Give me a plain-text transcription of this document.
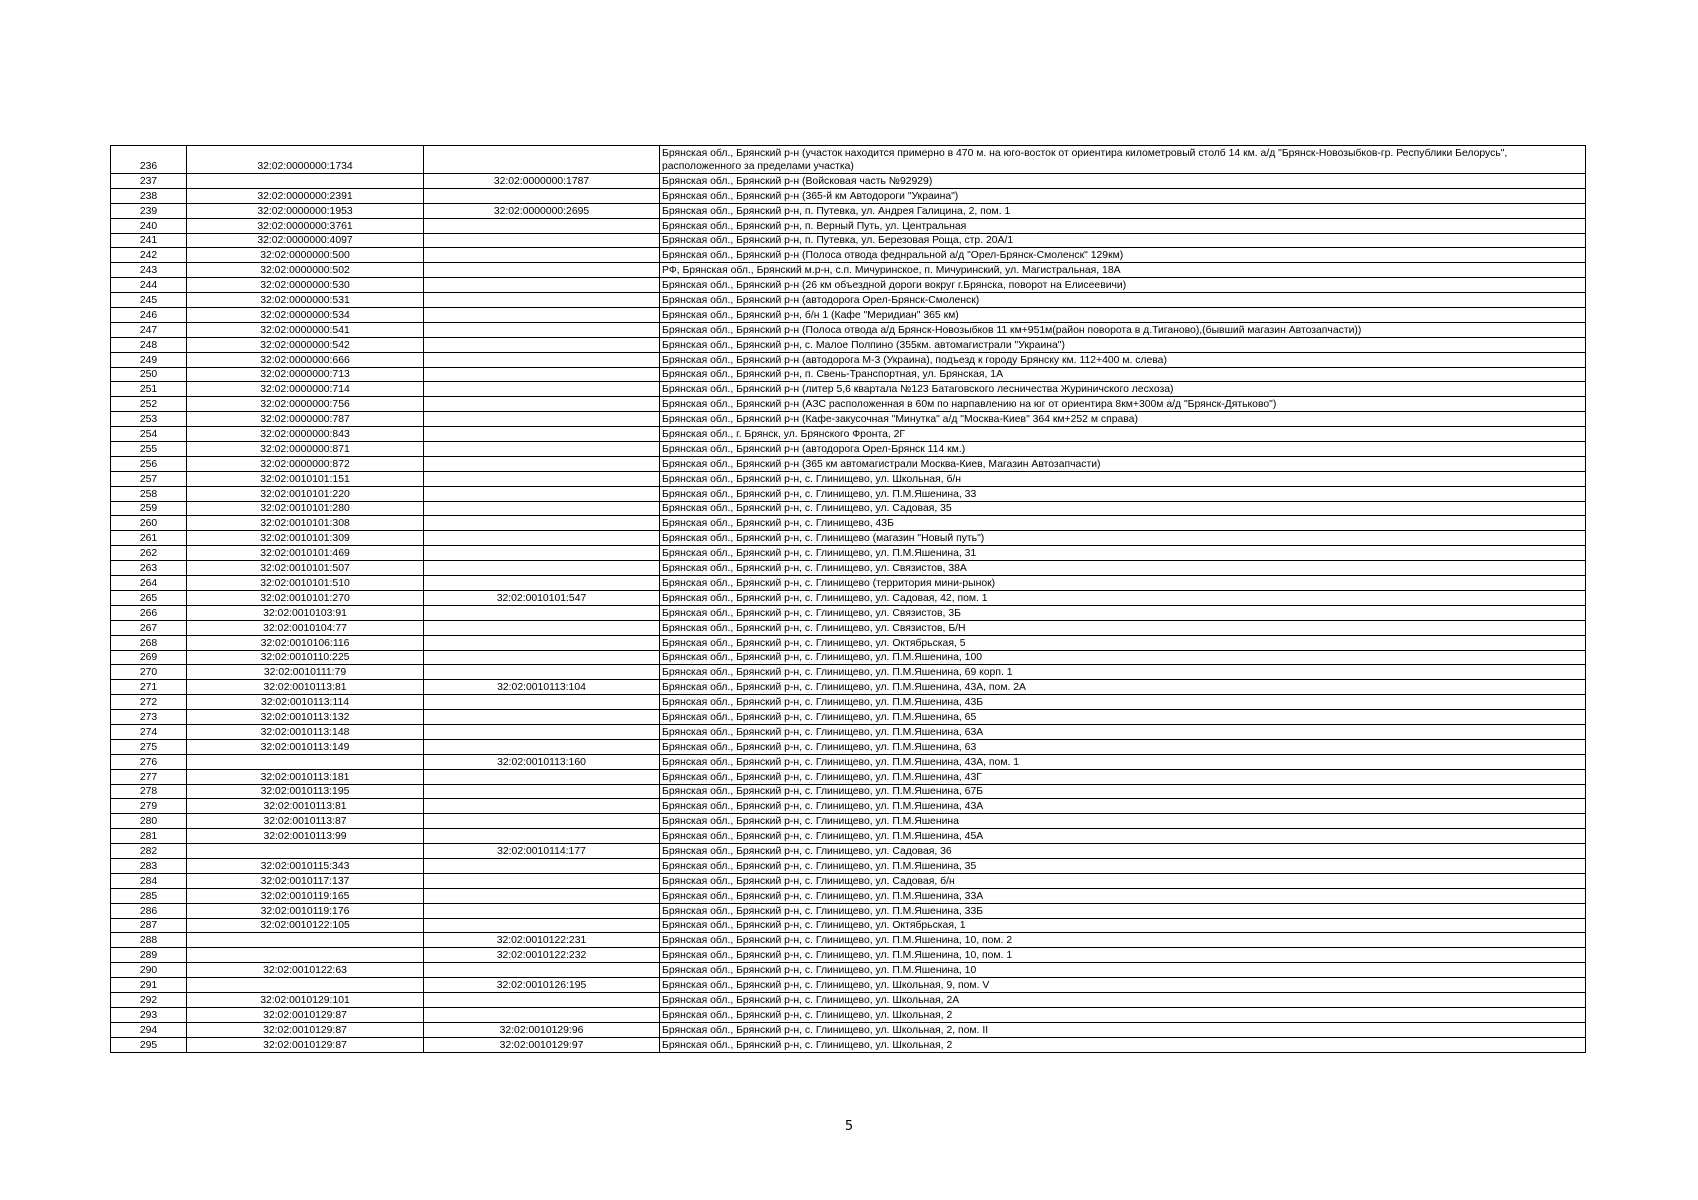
236	32:02:0000000:1734		Брянская обл., Брянский р-н (участок находится примерно в 470 м. на юго-восток от ориентира километровый столб 14 км. а/д "Брянск-Новозыбков-гр. Республики Белорусь", расположенного за пределами участка)
237		32:02:0000000:1787	Брянская обл., Брянский р-н (Войсковая часть №92929)
238	32:02:0000000:2391		Брянская обл., Брянский р-н (365-й км Автодороги "Украина")
239	32:02:0000000:1953	32:02:0000000:2695	Брянская обл., Брянский р-н, п. Путевка, ул. Андрея Галицина, 2, пом. 1
240	32:02:0000000:3761		Брянская обл., Брянский р-н, п. Верный Путь, ул. Центральная
241	32:02:0000000:4097		Брянская обл., Брянский р-н, п. Путевка, ул. Березовая Роща, стр. 20А/1
242	32:02:0000000:500		Брянская обл., Брянский р-н (Полоса отвода феднральной а/д "Орел-Брянск-Смоленск" 129км)
243	32:02:0000000:502		РФ, Брянская обл., Брянский м.р-н, с.п. Мичуринское, п. Мичуринский, ул. Магистральная, 18А
244	32:02:0000000:530		Брянская обл., Брянский р-н (26 км объездной дороги вокруг г.Брянска, поворот на Елисеевичи)
245	32:02:0000000:531		Брянская обл., Брянский р-н (автодорога Орел-Брянск-Смоленск)
246	32:02:0000000:534		Брянская обл., Брянский р-н, б/н 1 (Кафе "Меридиан" 365 км)
247	32:02:0000000:541		Брянская обл., Брянский р-н (Полоса отвода а/д Брянск-Новозыбков 11 км+951м(район поворота в д.Тиганово),(бывший магазин Автозапчасти))
248	32:02:0000000:542		Брянская обл., Брянский р-н, с. Малое Полпино (355км. автомагистрали "Украина")
249	32:02:0000000:666		Брянская обл., Брянский р-н (автодорога М-3 (Украина), подъезд к городу Брянску км. 112+400 м. слева)
250	32:02:0000000:713		Брянская обл., Брянский р-н, п. Свень-Транспортная, ул. Брянская, 1А
251	32:02:0000000:714		Брянская обл., Брянский р-н (литер 5,6 квартала №123 Батаговского лесничества Журиничского лесхоза)
252	32:02:0000000:756		Брянская обл., Брянский р-н (АЗС расположенная в 60м по нарпавлению на юг от ориентира 8км+300м а/д "Брянск-Дятьково")
253	32:02:0000000:787		Брянская обл., Брянский р-н (Кафе-закусочная "Минутка" а/д "Москва-Киев" 364 км+252 м справа)
254	32:02:0000000:843		Брянская обл., г. Брянск, ул. Брянского Фронта, 2Г
255	32:02:0000000:871		Брянская обл., Брянский р-н (автодорога Орел-Брянск 114 км.)
256	32:02:0000000:872		Брянская обл., Брянский р-н (365 км автомагистрали Москва-Киев, Магазин Автозапчасти)
257	32:02:0010101:151		Брянская обл., Брянский р-н, с. Глинищево, ул. Школьная, б/н
258	32:02:0010101:220		Брянская обл., Брянский р-н, с. Глинищево, ул. П.М.Яшенина, 33
259	32:02:0010101:280		Брянская обл., Брянский р-н, с. Глинищево, ул. Садовая, 35
260	32:02:0010101:308		Брянская обл., Брянский р-н, с. Глинищево, 43Б
261	32:02:0010101:309		Брянская обл., Брянский р-н, с. Глинищево (магазин "Новый путь")
262	32:02:0010101:469		Брянская обл., Брянский р-н, с. Глинищево, ул. П.М.Яшенина, 31
263	32:02:0010101:507		Брянская обл., Брянский р-н, с. Глинищево, ул. Связистов, 38А
264	32:02:0010101:510		Брянская обл., Брянский р-н, с. Глинищево (территория мини-рынок)
265	32:02:0010101:270	32:02:0010101:547	Брянская обл., Брянский р-н, с. Глинищево, ул. Садовая, 42, пом. 1
266	32:02:0010103:91		Брянская обл., Брянский р-н, с. Глинищево, ул. Связистов, 3Б
267	32:02:0010104:77		Брянская обл., Брянский р-н, с. Глинищево, ул. Связистов, Б/Н
268	32:02:0010106:116		Брянская обл., Брянский р-н, с. Глинищево, ул. Октябрьская, 5
269	32:02:0010110:225		Брянская обл., Брянский р-н, с. Глинищево, ул. П.М.Яшенина, 100
270	32:02:0010111:79		Брянская обл., Брянский р-н, с. Глинищево, ул. П.М.Яшенина, 69 корп. 1
271	32:02:0010113:81	32:02:0010113:104	Брянская обл., Брянский р-н, с. Глинищево, ул. П.М.Яшенина, 43А, пом. 2А
272	32:02:0010113:114		Брянская обл., Брянский р-н, с. Глинищево, ул. П.М.Яшенина, 43Б
273	32:02:0010113:132		Брянская обл., Брянский р-н, с. Глинищево, ул. П.М.Яшенина, 65
274	32:02:0010113:148		Брянская обл., Брянский р-н, с. Глинищево, ул. П.М.Яшенина, 63А
275	32:02:0010113:149		Брянская обл., Брянский р-н, с. Глинищево, ул. П.М.Яшенина, 63
276		32:02:0010113:160	Брянская обл., Брянский р-н, с. Глинищево, ул. П.М.Яшенина, 43А, пом. 1
277	32:02:0010113:181		Брянская обл., Брянский р-н, с. Глинищево, ул. П.М.Яшенина, 43Г
278	32:02:0010113:195		Брянская обл., Брянский р-н, с. Глинищево, ул. П.М.Яшенина, 67Б
279	32:02:0010113:81		Брянская обл., Брянский р-н, с. Глинищево, ул. П.М.Яшенина, 43А
280	32:02:0010113:87		Брянская обл., Брянский р-н, с. Глинищево, ул. П.М.Яшенина
281	32:02:0010113:99		Брянская обл., Брянский р-н, с. Глинищево, ул. П.М.Яшенина, 45А
282		32:02:0010114:177	Брянская обл., Брянский р-н, с. Глинищево, ул. Садовая, 36
283	32:02:0010115:343		Брянская обл., Брянский р-н, с. Глинищево, ул. П.М.Яшенина, 35
284	32:02:0010117:137		Брянская обл., Брянский р-н, с. Глинищево, ул. Садовая, б/н
285	32:02:0010119:165		Брянская обл., Брянский р-н, с. Глинищево, ул. П.М.Яшенина, 33А
286	32:02:0010119:176		Брянская обл., Брянский р-н, с. Глинищево, ул. П.М.Яшенина, 33Б
287	32:02:0010122:105		Брянская обл., Брянский р-н, с. Глинищево, ул. Октябрьская, 1
288		32:02:0010122:231	Брянская обл., Брянский р-н, с. Глинищево, ул. П.М.Яшенина, 10, пом. 2
289		32:02:0010122:232	Брянская обл., Брянский р-н, с. Глинищево, ул. П.М.Яшенина, 10, пом. 1
290	32:02:0010122:63		Брянская обл., Брянский р-н, с. Глинищево, ул. П.М.Яшенина, 10
291		32:02:0010126:195	Брянская обл., Брянский р-н, с. Глинищево, ул. Школьная, 9, пом. V
292	32:02:0010129:101		Брянская обл., Брянский р-н, с. Глинищево, ул. Школьная, 2А
293	32:02:0010129:87		Брянская обл., Брянский р-н, с. Глинищево, ул. Школьная, 2
294	32:02:0010129:87	32:02:0010129:96	Брянская обл., Брянский р-н, с. Глинищево, ул. Школьная, 2, пом. II
295	32:02:0010129:87	32:02:0010129:97	Брянская обл., Брянский р-н, с. Глинищево, ул. Школьная, 2
5
